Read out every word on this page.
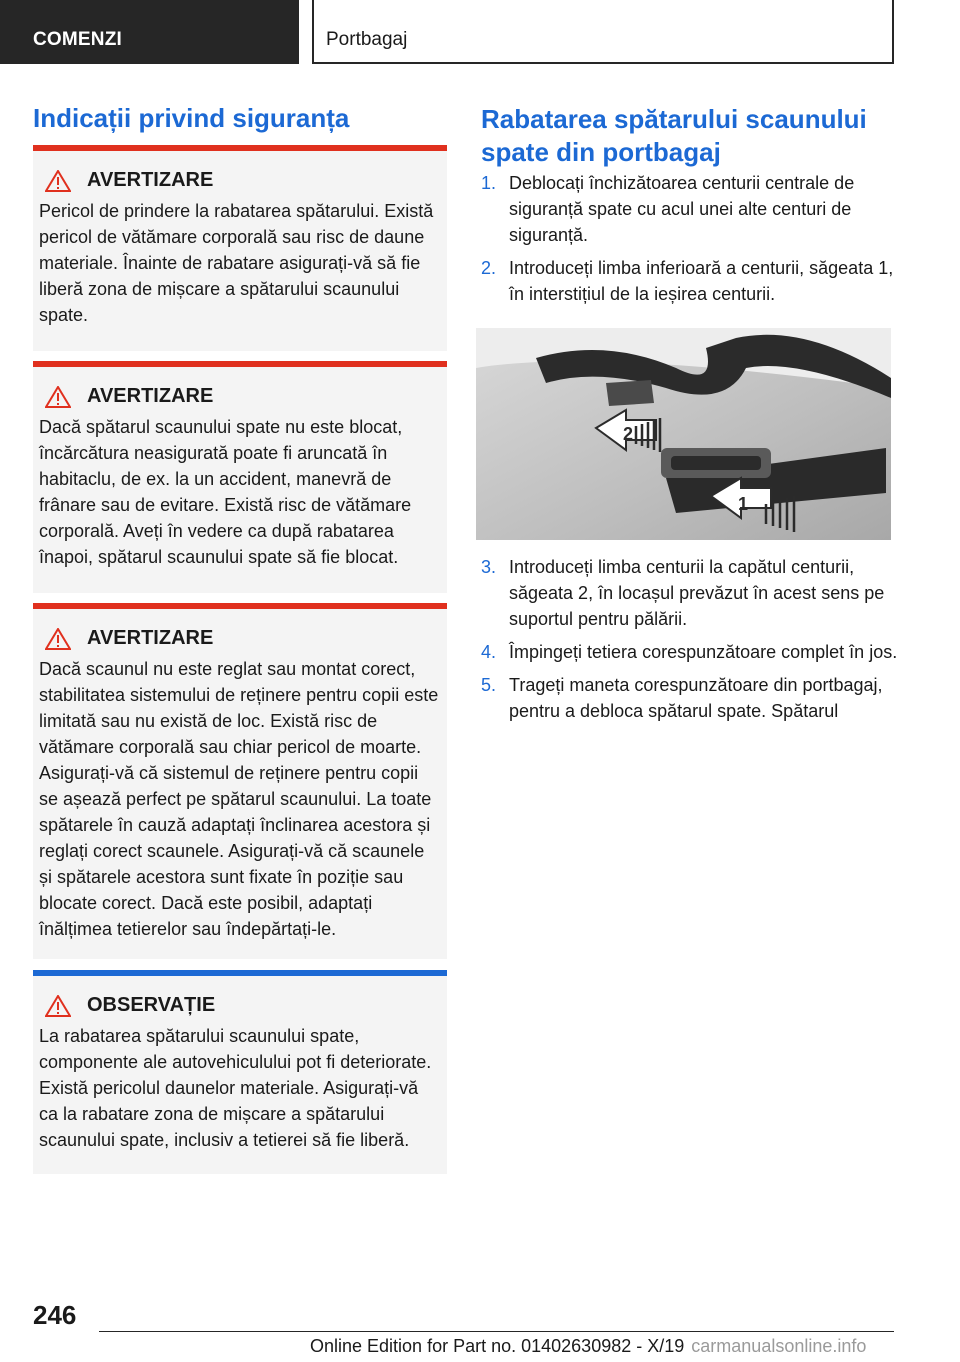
COMENZI	Portbagaj
Indicații privind siguranța
AVERTIZARE
Pericol de prindere la rabatarea spătarului. Există pericol de vătămare corporală sau risc de daune materiale. Înainte de rabatare asigurați-vă să fie liberă zona de mișcare a spătarului scaunului spate.
AVERTIZARE
Dacă spătarul scaunului spate nu este blocat, încărcătura neasigurată poate fi aruncată în habitaclu, de ex. la un accident, manevră de frânare sau de evitare. Există risc de vătămare corporală. Aveți în vedere ca după rabatarea înapoi, spătarul scaunului spate să fie blocat.
AVERTIZARE
Dacă scaunul nu este reglat sau montat corect, stabilitatea sistemului de reținere pentru copii este limitată sau nu există de loc. Există risc de vătămare corporală sau chiar pericol de moarte. Asigurați-vă că sistemul de reținere pentru copii se așează perfect pe spătarul scaunului. La toate spătarele în cauză adaptați înclinarea acestora și reglați corect scaunele. Asigurați-vă că scaunele și spătarele acestora sunt fixate în poziție sau blocate corect. Dacă este posibil, adaptați înălțimea tetierelor sau îndepărtați-le.
OBSERVAȚIE
La rabatarea spătarului scaunului spate, componente ale autovehiculului pot fi deteriorate. Există pericolul daunelor materiale. Asigurați-vă ca la rabatare zona de mișcare a spătarului scaunului spate, inclusiv a tetierei să fie liberă.
Rabatarea spătarului scaunului spate din portbagaj
1. Deblocați închizătoarea centurii centrale de siguranță spate cu acul unei alte centuri de siguranță.
2. Introduceți limba inferioară a centurii, săgeata 1, în interstițiul de la ieșirea centurii.
2
1
3. Introduceți limba centurii la capătul centurii, săgeata 2, în locașul prevăzut în acest sens pe suportul pentru pălării.
4. Împingeți tetiera corespunzătoare complet în jos.
5. Trageți maneta corespunzătoare din portbagaj, pentru a debloca spătarul spate. Spătarul
246
Online Edition for Part no. 01402630982 - X/19 carmanualsonline.info
